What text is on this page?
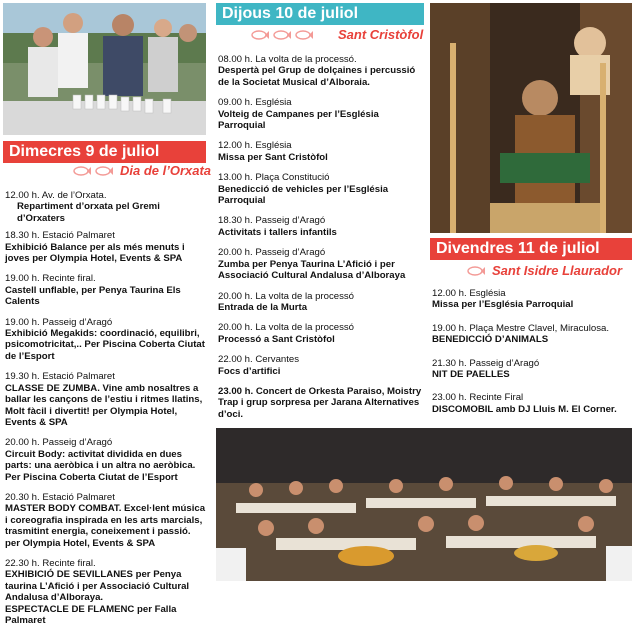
Dimecres 9 de juliol
Dia de l’Orxata
12.00 h. Av. de l’Orxata.
Repartiment d’orxata pel Gremi d’Orxaters
18.30 h. Estació Palmaret
Exhibició Balance per als més menuts i joves per Olympia Hotel, Events & SPA
19.00 h. Recinte firal.
Castell unflable, per Penya Taurina Els Calents
19.00 h. Passeig d’Aragó
Exhibició Megakids: coordinació, equilibri, psicomotricitat,.. Per Piscina Coberta Ciutat de l’Esport
19.30 h. Estació Palmaret
CLASSE DE ZUMBA. Vine amb nosaltres a ballar les cançons de l’estiu i ritmes llatins, Molt fàcil i divertit! per Olympia Hotel, Events & SPA
20.00 h. Passeig d’Aragó
Circuit Body: activitat dividida en dues parts: una aeròbica i un altra no aeròbica. Per Piscina Coberta Ciutat de l’Esport
20.30 h. Estació Palmaret
MASTER BODY COMBAT. Excel·lent música i coreografia inspirada en les arts marcials, trasmitint energia, coneixement i passió. per Olympia Hotel, Events & SPA
22.30 h. Recinte firal.
EXHIBICIÓ DE SEVILLANES per Penya taurina L’Afició i per Associació Cultural Andalusa d’Alboraya.
ESPECTACLE DE FLAMENC per Falla Palmaret
Dijous 10 de juliol
Sant Cristòfol
08.00 h. La volta de la processó.
Despertà pel Grup de dolçaines i percussió de la Societat Musical d’Alboraia.
09.00 h. Església
Volteig de Campanes per l’Església Parroquial
12.00 h. Església
Missa per Sant Cristòfol
13.00 h. Plaça Constitució
Benedicció de vehicles per l’Església Parroquial
18.30 h. Passeig d’Aragó
Activitats i tallers infantils
20.00 h. Passeig d’Aragó
Zumba per Penya Taurina L’Afició i per Associació Cultural Andalusa d’Alboraya
20.00 h. La volta de la processó
Entrada de la Murta
20.00 h. La volta de la processó
Processó a Sant Cristòfol
22.00 h. Cervantes
Focs d’artifici
23.00 h. Concert de Orkesta Paraiso, Moistry Trap i grup sorpresa per Jarana Alternatives d’oci.
Divendres 11 de juliol
Sant Isidre Llaurador
12.00 h. Església
Missa per l’Església Parroquial
19.00 h. Plaça Mestre Clavel, Miraculosa.
BENEDICCIÓ D’ANIMALS
21.30 h. Passeig d’Aragó
NIT DE PAELLES
23.00 h. Recinte Firal
DISCOMOBIL amb DJ Lluis M. El Corner.
